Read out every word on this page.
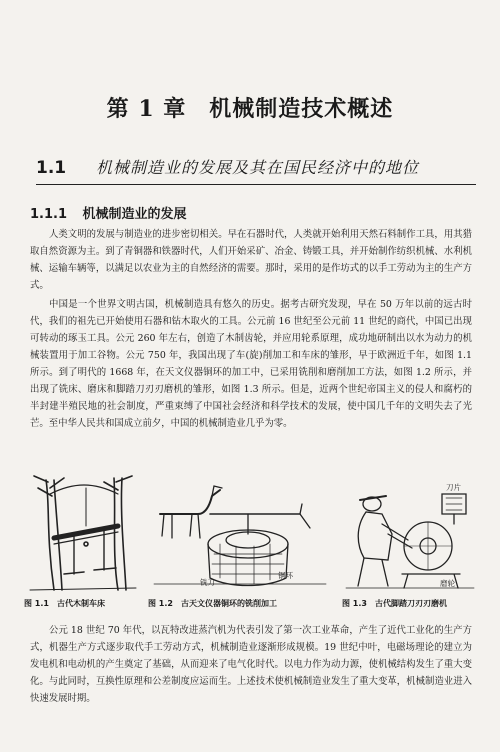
第 1 章　机械制造技术概述
1.1	机械制造业的发展及其在国民经济中的地位
1.1.1 机械制造业的发展

人类文明的发展与制造业的进步密切相关。早在石器时代，人类就开始利用天然石料制作工具，用其猎取自然资源为主。到了青铜器和铁器时代，人们开始采矿、冶金、铸锻工具，并开始制作纺织机械、水利机械、运输车辆等，以满足以农业为主的自然经济的需要。那时，采用的是作坊式的以手工劳动为主的生产方式。

中国是一个世界文明古国，机械制造具有悠久的历史。据考古研究发现，早在 50 万年以前的远古时代，我们的祖先已开始使用石器和钻木取火的工具。公元前 16 世纪至公元前 11 世纪的商代，中国已出现可转动的琢玉工具。公元 260 年左右，创造了木制齿轮，并应用轮系原理，成功地研制出以水为动力的机械装置用于加工谷物。公元 750 年，我国出现了车(旋)削加工和车床的雏形，早于欧洲近千年，如图 1.1 所示。到了明代的 1668 年，在天文仪器铜环的加工中，已采用铣削和磨削加工方法，如图 1.2 所示，并出现了铣床、磨床和脚踏刀刃刃磨机的雏形，如图 1.3 所示。但是，近两个世纪帝国主义的侵人和腐朽的半封建半殖民地的社会制度，严重束缚了中国社会经济和科学技术的发展，使中国几千年的文明失去了光芒。至中华人民共和国成立前夕，中国的机械制造业几乎为零。

图 1.1 古代木制车床
铣刀
铜环
图 1.2 古天文仪器铜环的铣削加工
刀片
磨轮
图 1.3 古代脚踏刀刃刃磨机

公元 18 世纪 70 年代，以瓦特改进蒸汽机为代表引发了第一次工业革命，产生了近代工业化的生产方式，机器生产方式逐步取代手工劳动方式，机械制造业逐渐形成规模。19 世纪中叶，电磁场理论的建立为发电机和电动机的产生奠定了基础，从而迎来了电气化时代。以电力作为动力源，使机械结构发生了重大变化。与此同时，互换性原理和公差制度应运而生。上述技术使机械制造业发生了重大变革，机械制造业进入快速发展时期。
